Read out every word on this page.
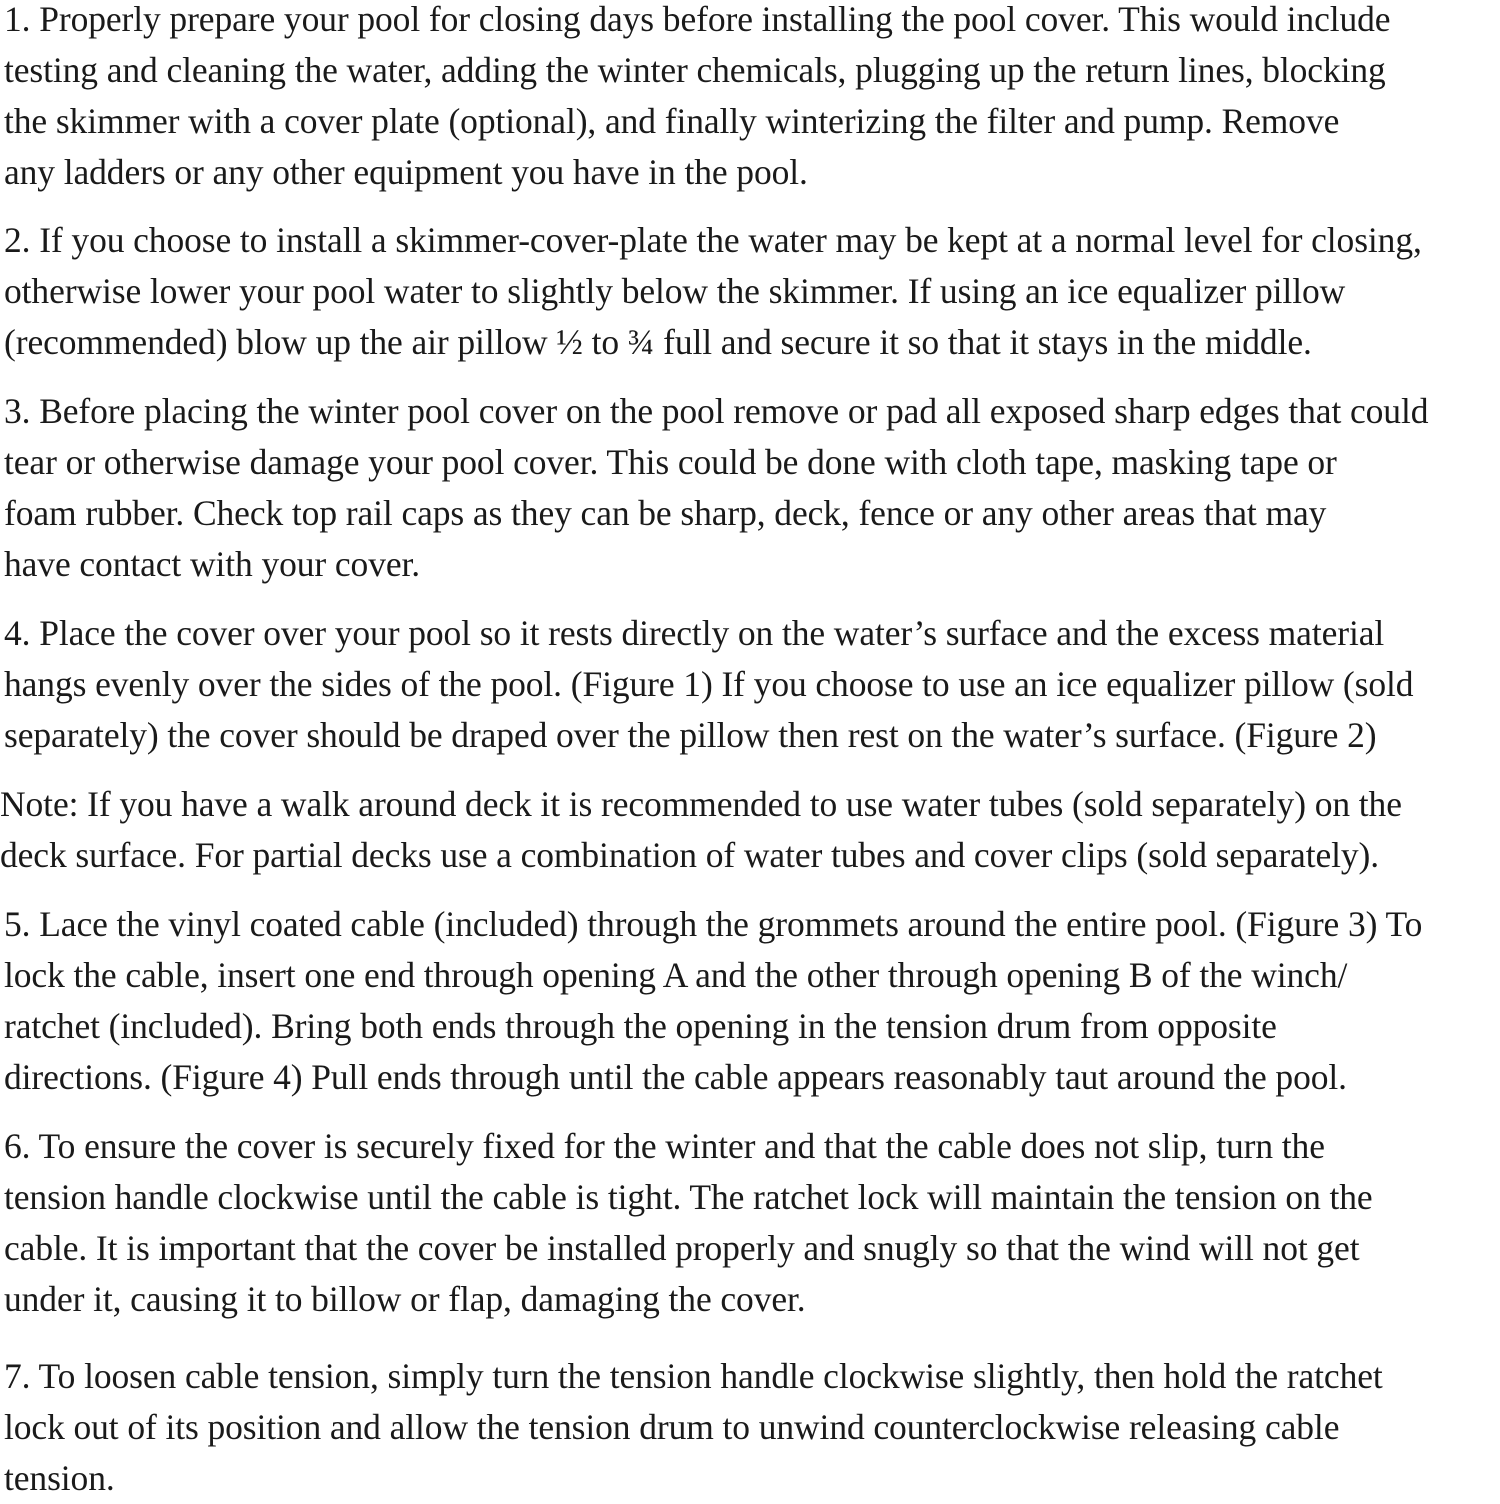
1. Properly prepare your pool for closing days before installing the pool cover. This would include
testing and cleaning the water, adding the winter chemicals, plugging up the return lines, blocking
the skimmer with a cover plate (optional), and finally winterizing the filter and pump. Remove
any ladders or any other equipment you have in the pool.

2. If you choose to install a skimmer-cover-plate the water may be kept at a normal level for closing,
otherwise lower your pool water to slightly below the skimmer. If using an ice equalizer pillow
(recommended) blow up the air pillow ½ to ¾ full and secure it so that it stays in the middle.

3. Before placing the winter pool cover on the pool remove or pad all exposed sharp edges that could
tear or otherwise damage your pool cover. This could be done with cloth tape, masking tape or
foam rubber. Check top rail caps as they can be sharp, deck, fence or any other areas that may
have contact with your cover.

4. Place the cover over your pool so it rests directly on the water’s surface and the excess material
hangs evenly over the sides of the pool. (Figure 1) If you choose to use an ice equalizer pillow (sold
separately) the cover should be draped over the pillow then rest on the water’s surface. (Figure 2)

Note: If you have a walk around deck it is recommended to use water tubes (sold separately) on the
deck surface. For partial decks use a combination of water tubes and cover clips (sold separately).

5. Lace the vinyl coated cable (included) through the grommets around the entire pool. (Figure 3) To
lock the cable, insert one end through opening A and the other through opening B of the winch/
ratchet (included). Bring both ends through the opening in the tension drum from opposite
directions. (Figure 4) Pull ends through until the cable appears reasonably taut around the pool.

6. To ensure the cover is securely fixed for the winter and that the cable does not slip, turn the
tension handle clockwise until the cable is tight. The ratchet lock will maintain the tension on the
cable. It is important that the cover be installed properly and snugly so that the wind will not get
under it, causing it to billow or flap, damaging the cover.

7. To loosen cable tension, simply turn the tension handle clockwise slightly, then hold the ratchet
lock out of its position and allow the tension drum to unwind counterclockwise releasing cable
tension.
